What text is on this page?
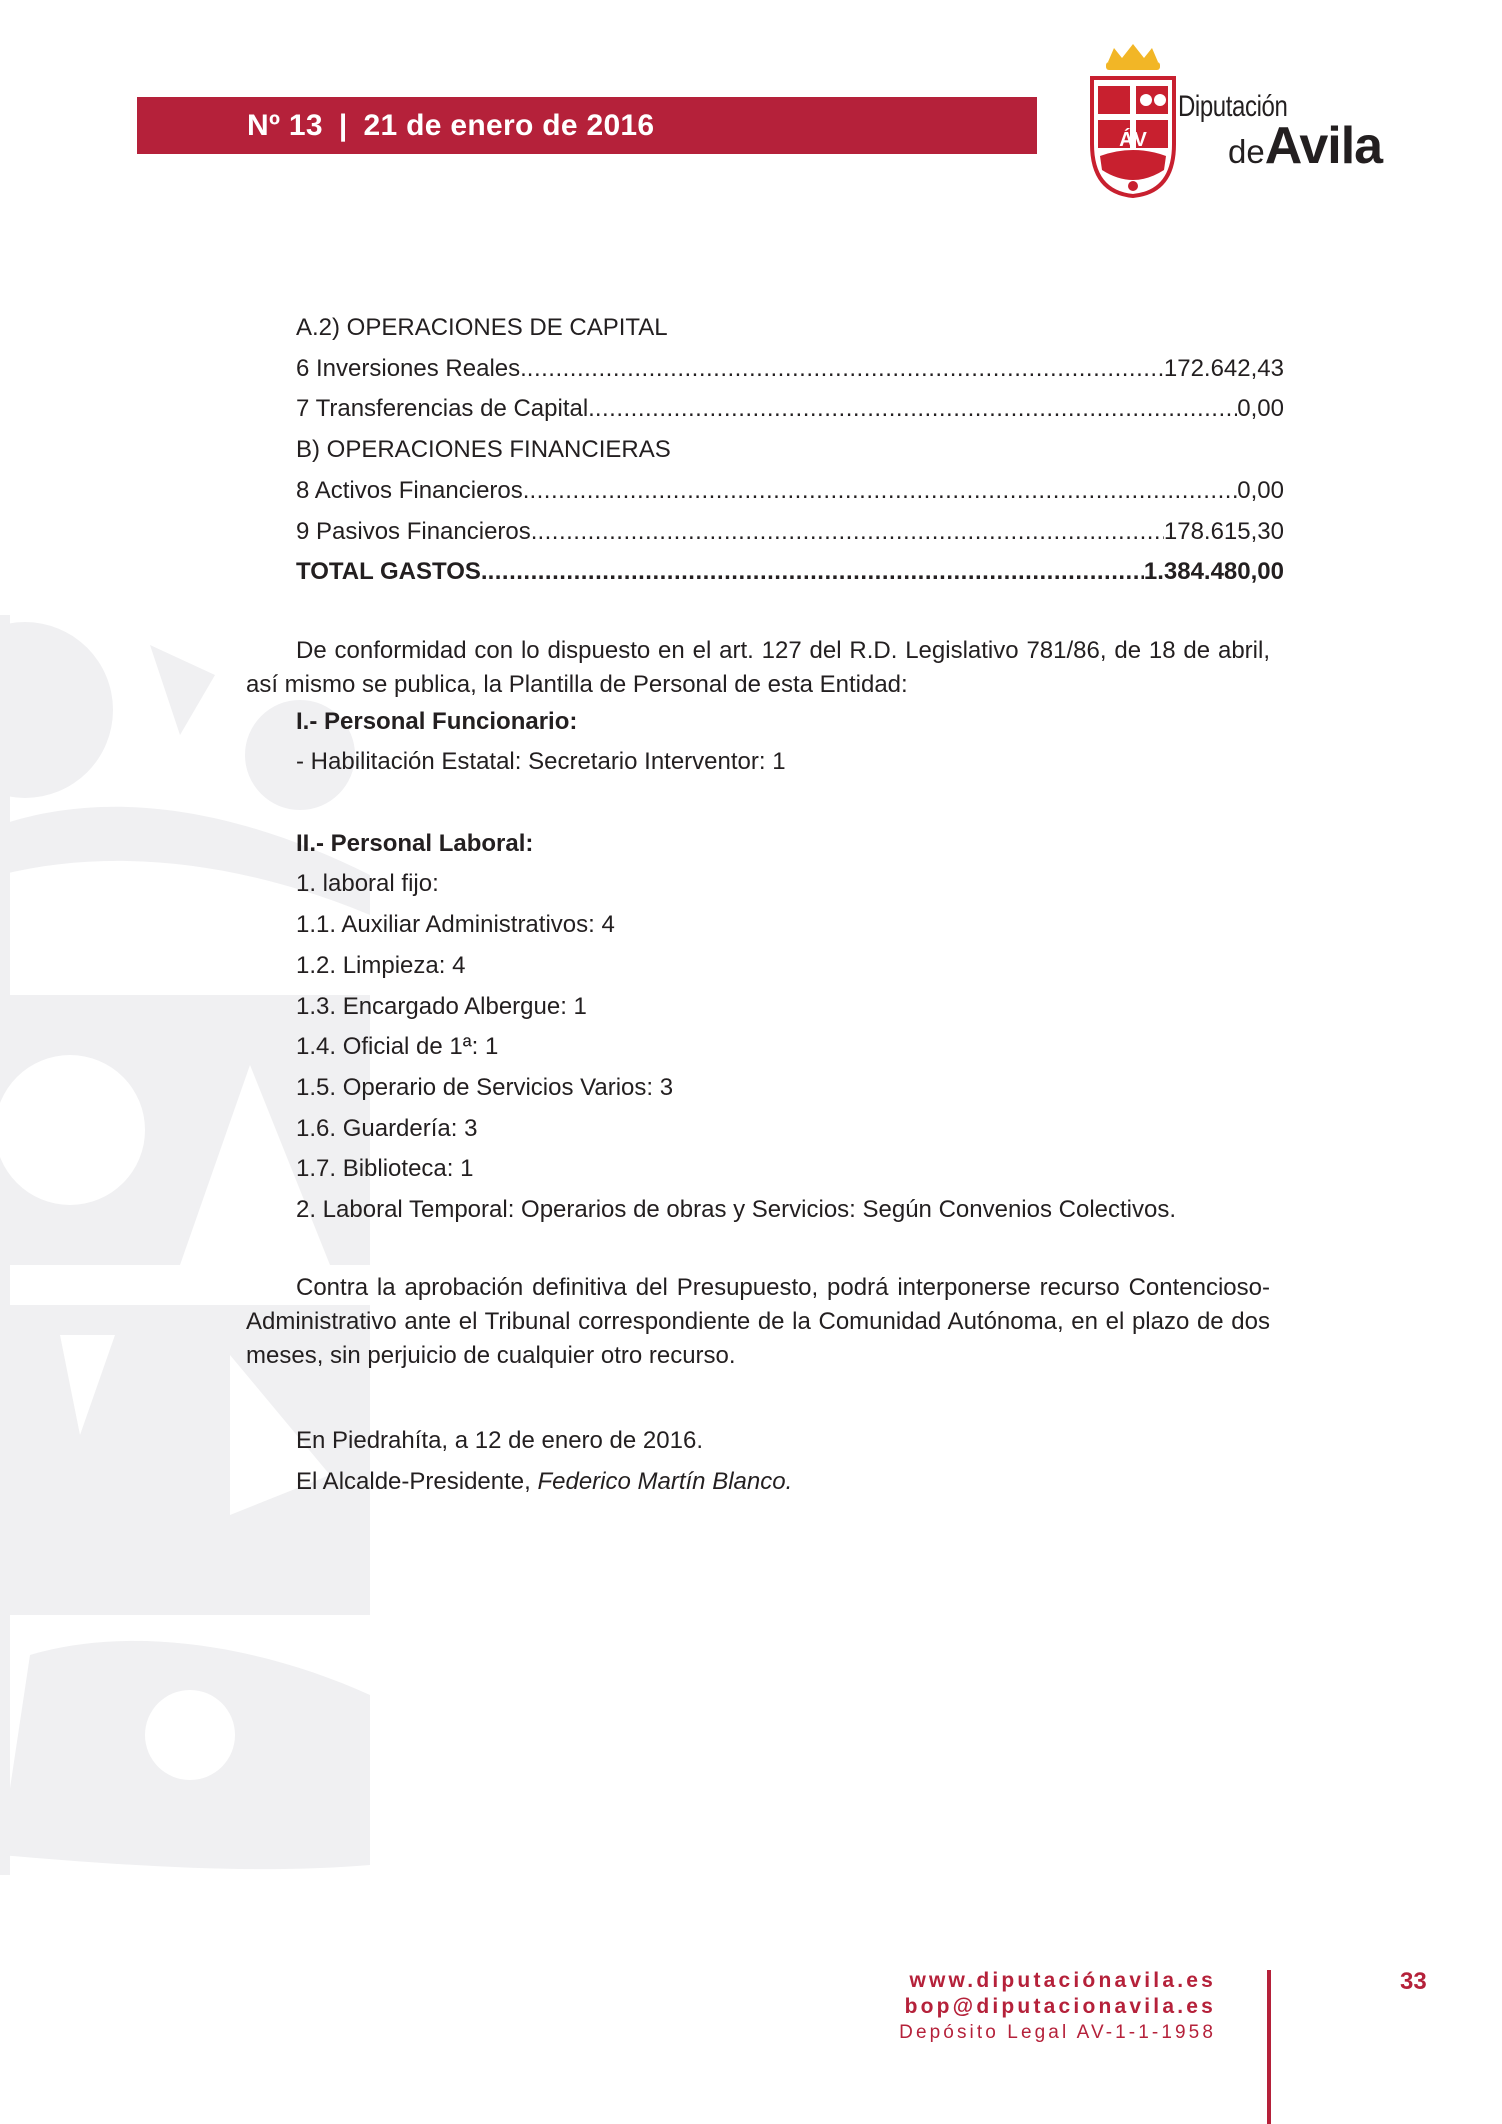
Nº 13 | 21 de enero de 2016	ÁV
Diputación
deAvila
A.2) OPERACIONES DE CAPITAL
6 Inversiones Reales. .....	172.642,43
7 Transferencias de Capital. .....	0,00
B) OPERACIONES FINANCIERAS
8 Activos Financieros. .....	0,00
9 Pasivos Financieros. .....	178.615,30
TOTAL GASTOS. .....	1.384.480,00
De conformidad con lo dispuesto en el art. 127 del R.D. Legislativo 781/86, de 18 de abril, así mismo se publica, la Plantilla de Personal de esta Entidad:
I.- Personal Funcionario:
- Habilitación Estatal: Secretario Interventor: 1
II.- Personal Laboral:
1. laboral fijo:
1.1. Auxiliar Administrativos: 4
1.2. Limpieza: 4
1.3. Encargado Albergue: 1
1.4. Oficial de 1ª: 1
1.5. Operario de Servicios Varios: 3
1.6. Guardería: 3
1.7. Biblioteca: 1
2. Laboral Temporal: Operarios de obras y Servicios: Según Convenios Colectivos.
Contra la aprobación definitiva del Presupuesto, podrá interponerse recurso Contencioso-Administrativo ante el Tribunal correspondiente de la Comunidad Autónoma, en el plazo de dos meses, sin perjuicio de cualquier otro recurso.
En Piedrahíta, a 12 de enero de 2016.
El Alcalde-Presidente, Federico Martín Blanco.
www.diputaciónavila.es
bop@diputacionavila.es
Depósito Legal AV-1-1-1958
33
